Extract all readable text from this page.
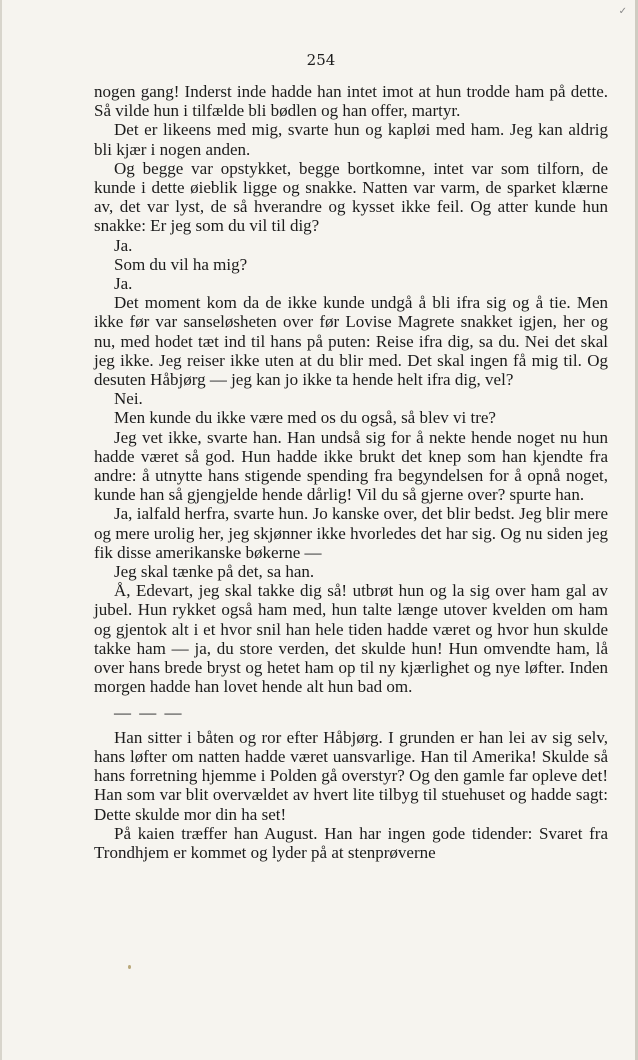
✓
254

nogen gang! Inderst inde hadde han intet imot at hun trodde ham på dette. Så vilde hun i tilfælde bli bødlen og han offer, martyr.

Det er likeens med mig, svarte hun og kapløi med ham. Jeg kan aldrig bli kjær i nogen anden.

Og begge var opstykket, begge bortkomne, intet var som tilforn, de kunde i dette øieblik ligge og snakke. Natten var varm, de sparket klærne av, det var lyst, de så hverandre og kysset ikke feil. Og atter kunde hun snakke: Er jeg som du vil til dig?

Ja.

Som du vil ha mig?

Ja.

Det moment kom da de ikke kunde undgå å bli ifra sig og å tie. Men ikke før var sanseløsheten over før Lovise Magrete snakket igjen, her og nu, med hodet tæt ind til hans på puten: Reise ifra dig, sa du. Nei det skal jeg ikke. Jeg reiser ikke uten at du blir med. Det skal ingen få mig til. Og desuten Håbjørg — jeg kan jo ikke ta hende helt ifra dig, vel?

Nei.

Men kunde du ikke være med os du også, så blev vi tre?

Jeg vet ikke, svarte han. Han undså sig for å nekte hende noget nu hun hadde været så god. Hun hadde ikke brukt det knep som han kjendte fra andre: å utnytte hans stigende spending fra begyndelsen for å opnå noget, kunde han så gjengjelde hende dårlig! Vil du så gjerne over? spurte han.

Ja, ialfald herfra, svarte hun. Jo kanske over, det blir bedst. Jeg blir mere og mere urolig her, jeg skjønner ikke hvorledes det har sig. Og nu siden jeg fik disse amerikanske bøkerne —

Jeg skal tænke på det, sa han.

Å, Edevart, jeg skal takke dig så! utbrøt hun og la sig over ham gal av jubel. Hun rykket også ham med, hun talte længe utover kvelden om ham og gjentok alt i et hvor snil han hele tiden hadde været og hvor hun skulde takke ham — ja, du store verden, det skulde hun! Hun omvendte ham, lå over hans brede bryst og hetet ham op til ny kjærlighet og nye løfter. Inden morgen hadde han lovet hende alt hun bad om.

— — —

Han sitter i båten og ror efter Håbjørg. I grunden er han lei av sig selv, hans løfter om natten hadde været uansvarlige. Han til Amerika! Skulde så hans forretning hjemme i Polden gå overstyr? Og den gamle far opleve det! Han som var blit overvældet av hvert lite tilbyg til stuehuset og hadde sagt: Dette skulde mor din ha set!

På kaien træffer han August. Han har ingen gode tidender: Svaret fra Trondhjem er kommet og lyder på at stenprøverne
